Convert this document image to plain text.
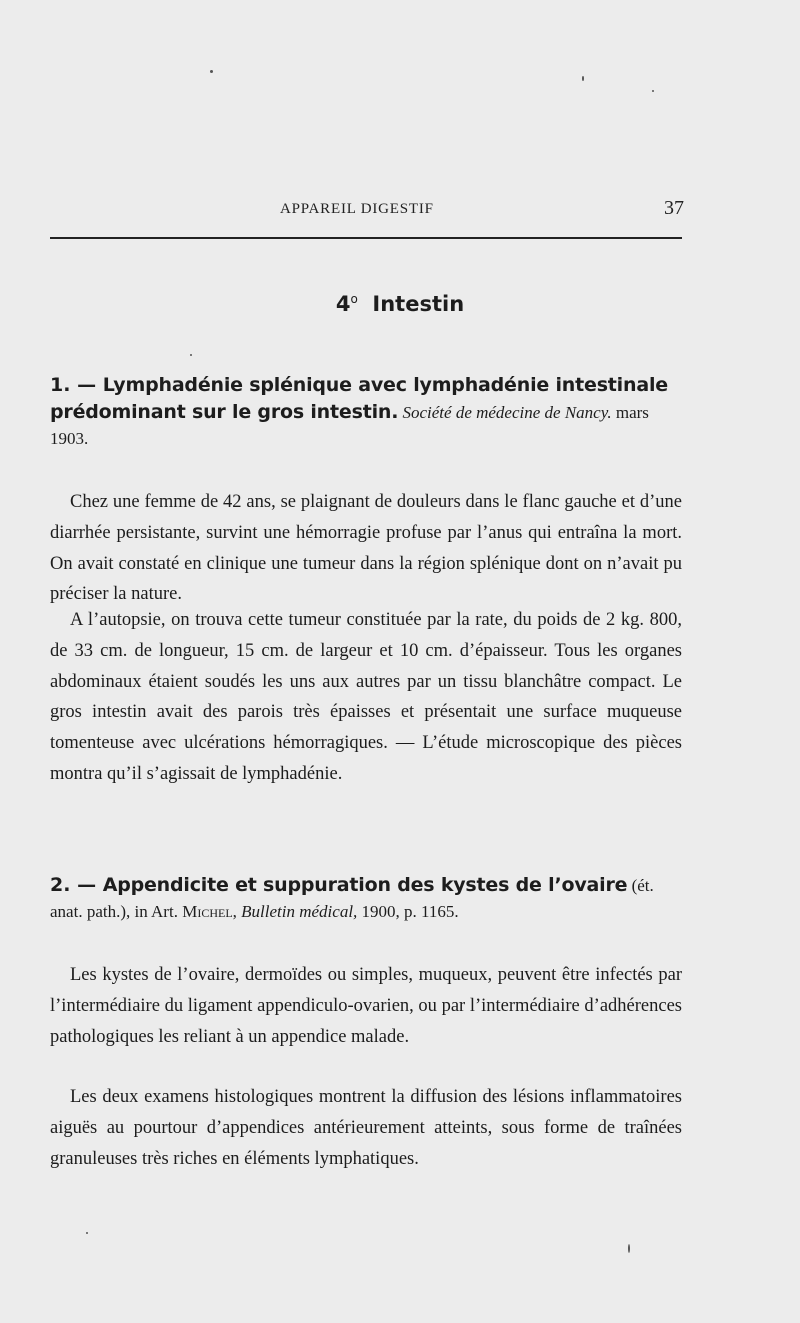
APPAREIL DIGESTIF	37
4$^o$ Intestin
1. — Lymphadénie splénique avec lymphadénie intestinale prédominant sur le gros intestin. Société de médecine de Nancy. mars 1903.

Chez une femme de 42 ans, se plaignant de douleurs dans le flanc gauche et d’une diarrhée persistante, survint une hémorragie profuse par l’anus qui entraîna la mort. On avait constaté en clinique une tumeur dans la région splénique dont on n’avait pu préciser la nature.

A l’autopsie, on trouva cette tumeur constituée par la rate, du poids de 2 kg. 800, de 33 cm. de longueur, 15 cm. de largeur et 10 cm. d’épaisseur. Tous les organes abdominaux étaient soudés les uns aux autres par un tissu blanchâtre compact. Le gros intestin avait des parois très épaisses et présentait une surface muqueuse tomenteuse avec ulcérations hémorragiques. — L’étude microscopique des pièces montra qu’il s’agissait de lymphadénie.

2. — Appendicite et suppuration des kystes de l’ovaire (ét. anat. path.), in Art. Michel, Bulletin médical, 1900, p. 1165.

Les kystes de l’ovaire, dermoïdes ou simples, muqueux, peuvent être infectés par l’intermédiaire du ligament appendiculo-ovarien, ou par l’intermédiaire d’adhérences pathologiques les reliant à un appendice malade.

Les deux examens histologiques montrent la diffusion des lésions inflammatoires aiguës au pourtour d’appendices antérieurement atteints, sous forme de traînées granuleuses très riches en éléments lymphatiques.
